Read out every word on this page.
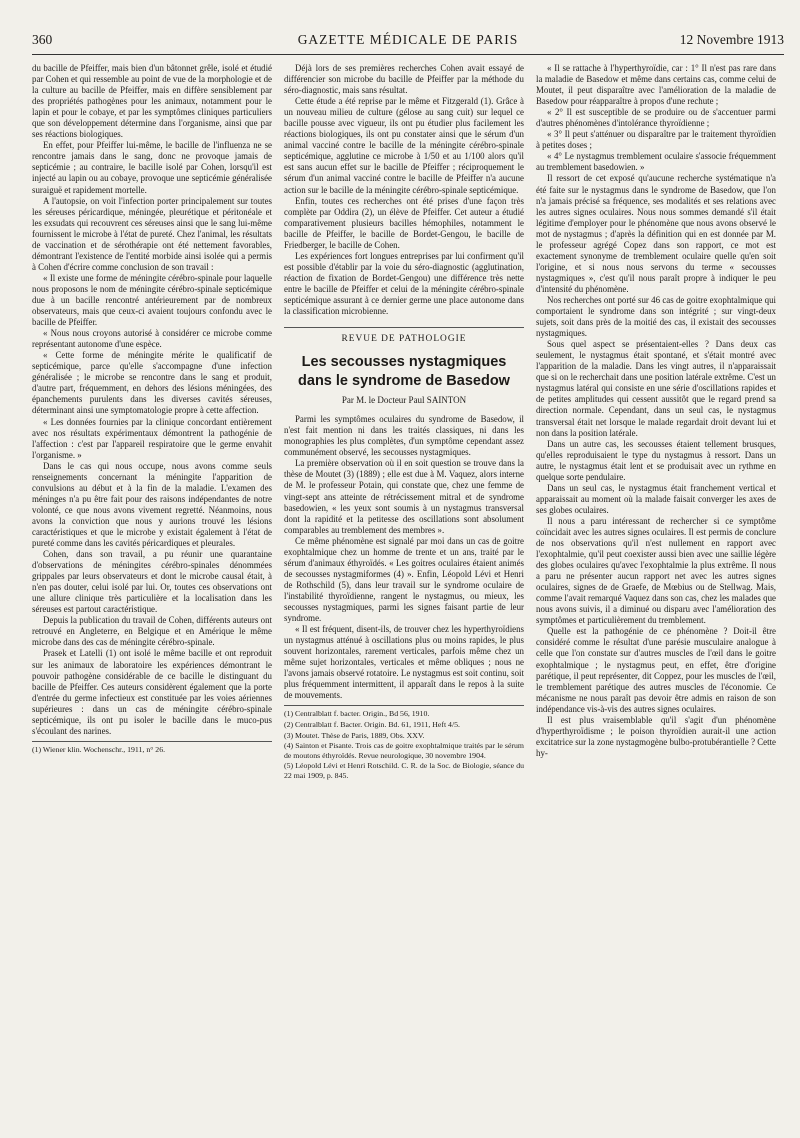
360	GAZETTE MÉDICALE DE PARIS	12 Novembre 1913

du bacille de Pfeiffer, mais bien d'un bâtonnet grêle, isolé et étudié par Cohen et qui ressemble au point de vue de la morphologie et de la culture au bacille de Pfeiffer, mais en diffère sensiblement par des propriétés pathogènes pour les animaux, notamment pour le lapin et pour le cobaye, et par les symptômes cliniques particuliers que son développement détermine dans l'organisme, ainsi que par ses réactions biologiques.

En effet, pour Pfeiffer lui-même, le bacille de l'influenza ne se rencontre jamais dans le sang, donc ne provoque jamais de septicémie ; au contraire, le bacille isolé par Cohen, lorsqu'il est injecté au lapin ou au cobaye, provoque une septicémie généralisée suraiguë et rapidement mortelle.

A l'autopsie, on voit l'infection porter principalement sur toutes les séreuses péricardique, méningée, pleurétique et péritonéale et les exsudats qui recouvrent ces séreuses ainsi que le sang lui-même fournissent le microbe à l'état de pureté. Chez l'animal, les résultats de vaccination et de sérothérapie ont été nettement favorables, démontrant l'existence de l'entité morbide ainsi isolée qui a permis à Cohen d'écrire comme conclusion de son travail :

« Il existe une forme de méningite cérébro-spinale pour laquelle nous proposons le nom de méningite cérébro-spinale septicémique due à un bacille rencontré antérieurement par de nombreux observateurs, mais que ceux-ci avaient toujours confondu avec le bacille de Pfeiffer.

« Nous nous croyons autorisé à considérer ce microbe comme représentant autonome d'une espèce.

« Cette forme de méningite mérite le qualificatif de septicémique, parce qu'elle s'accompagne d'une infection généralisée ; le microbe se rencontre dans le sang et produit, d'autre part, fréquemment, en dehors des lésions méningées, des épanchements purulents dans les diverses cavités séreuses, déterminant ainsi une symptomatologie propre à cette affection.

« Les données fournies par la clinique concordant entièrement avec nos résultats expérimentaux démontrent la pathogénie de l'affection : c'est par l'appareil respiratoire que le germe envahit l'organisme. »

Dans le cas qui nous occupe, nous avons comme seuls renseignements concernant la méningite l'apparition de convulsions au début et à la fin de la maladie. L'examen des méninges n'a pu être fait pour des raisons indépendantes de notre volonté, ce que nous avons vivement regretté. Néanmoins, nous avons la conviction que nous y aurions trouvé les lésions caractéristiques et que le microbe y existait également à l'état de pureté comme dans les cavités péricardiques et pleurales.

Cohen, dans son travail, a pu réunir une quarantaine d'observations de méningites cérébro-spinales dénommées grippales par leurs observateurs et dont le microbe causal était, à n'en pas douter, celui isolé par lui. Or, toutes ces observations ont une allure clinique très particulière et la localisation dans les séreuses est partout caractéristique.

Depuis la publication du travail de Cohen, différents auteurs ont retrouvé en Angleterre, en Belgique et en Amérique le même microbe dans des cas de méningite cérébro-spinale.

Prasek et Latelli (1) ont isolé le même bacille et ont reproduit sur les animaux de laboratoire les expériences démontrant le pouvoir pathogène considérable de ce bacille le distinguant du bacille de Pfeiffer. Ces auteurs considèrent également que la porte d'entrée du germe infectieux est constituée par les voies aériennes supérieures : dans un cas de méningite cérébro-spinale septicémique, ils ont pu isoler le bacille dans le muco-pus s'écoulant des narines.

(1) Wiener klin. Wochenschr., 1911, n° 26.

Déjà lors de ses premières recherches Cohen avait essayé de différencier son microbe du bacille de Pfeiffer par la méthode du séro-diagnostic, mais sans résultat.

Cette étude a été reprise par le même et Fitzgerald (1). Grâce à un nouveau milieu de culture (gélose au sang cuit) sur lequel ce bacille pousse avec vigueur, ils ont pu étudier plus facilement les réactions biologiques, ils ont pu constater ainsi que le sérum d'un animal vacciné contre le bacille de la méningite cérébro-spinale septicémique, agglutine ce microbe à 1/50 et au 1/100 alors qu'il est sans aucun effet sur le bacille de Pfeiffer ; réciproquement le sérum d'un animal vacciné contre le bacille de Pfeiffer n'a aucune action sur le bacille de la méningite cérébro-spinale septicémique.

Enfin, toutes ces recherches ont été prises d'une façon très complète par Oddira (2), un élève de Pfeiffer. Cet auteur a étudié comparativement plusieurs bacilles hémophiles, notamment le bacille de Pfeiffer, le bacille de Bordet-Gengou, le bacille de Friedberger, le bacille de Cohen.

Les expériences fort longues entreprises par lui confirment qu'il est possible d'établir par la voie du séro-diagnostic (agglutination, réaction de fixation de Bordet-Gengou) une différence très nette entre le bacille de Pfeiffer et celui de la méningite cérébro-spinale septicémique assurant à ce dernier germe une place autonome dans la classification microbienne.

REVUE DE PATHOLOGIE
Les secousses nystagmiques dans le syndrome de Basedow
Par M. le Docteur Paul SAINTON

Parmi les symptômes oculaires du syndrome de Basedow, il n'est fait mention ni dans les traités classiques, ni dans les monographies les plus complètes, d'un symptôme cependant assez communément observé, les secousses nystagmiques.

La première observation où il en soit question se trouve dans la thèse de Moutet (3) (1889) ; elle est due à M. Vaquez, alors interne de M. le professeur Potain, qui constate que, chez une femme de vingt-sept ans atteinte de rétrécissement mitral et de syndrome basedowien, « les yeux sont soumis à un nystagmus transversal dont la rapidité et la petitesse des oscillations sont absolument comparables au tremblement des membres ».

Ce même phénomène est signalé par moi dans un cas de goitre exophtalmique chez un homme de trente et un ans, traité par le sérum d'animaux éthyroïdés. « Les goitres oculaires étaient animés de secousses nystagmiformes (4) ». Enfin, Léopold Lévi et Henri de Rothschild (5), dans leur travail sur le syndrome oculaire de l'instabilité thyroïdienne, rangent le nystagmus, ou mieux, les secousses nystagmiques, parmi les signes faisant partie de leur syndrome.

« Il est fréquent, disent-ils, de trouver chez les hyperthyroïdiens un nystagmus atténué à oscillations plus ou moins rapides, le plus souvent horizontales, rarement verticales, parfois même chez un même sujet horizontales, verticales et même obliques ; nous ne l'avons jamais observé rotatoire. Le nystagmus est soit continu, soit plus fréquemment intermittent, il apparaît dans le repos à la suite de mouvements.

(1) Centralblatt f. bacter. Origin., Bd 56, 1910.
(2) Centralblatt f. Bacter. Origin. Bd. 61, 1911, Heft 4/5.
(3) Moutet. Thèse de Paris, 1889, Obs. XXV.
(4) Sainton et Pisante. Trois cas de goitre exophtalmique traités par le sérum de moutons éthyroïdés. Revue neurologique, 30 novembre 1904.
(5) Léopold Lévi et Henri Rotschild. C. R. de la Soc. de Biologie, séance du 22 mai 1909, p. 845.

« Il se rattache à l'hyperthyroïdie, car : 1° Il n'est pas rare dans la maladie de Basedow et même dans certains cas, comme celui de Moutet, il peut disparaître avec l'amélioration de la maladie de Basedow pour réapparaître à propos d'une rechute ;

« 2° Il est susceptible de se produire ou de s'accentuer parmi d'autres phénomènes d'intolérance thyroïdienne ;

« 3° Il peut s'atténuer ou disparaître par le traitement thyroïdien à petites doses ;

« 4° Le nystagmus tremblement oculaire s'associe fréquemment au tremblement basedowien. »

Il ressort de cet exposé qu'aucune recherche systématique n'a été faite sur le nystagmus dans le syndrome de Basedow, que l'on n'a jamais précisé sa fréquence, ses modalités et ses relations avec les autres signes oculaires. Nous nous sommes demandé s'il était légitime d'employer pour le phénomène que nous avons observé le mot de nystagmus ; d'après la définition qui en est donnée par M. le professeur agrégé Copez dans son rapport, ce mot est exactement synonyme de tremblement oculaire quelle qu'en soit l'origine, et si nous nous servons du terme « secousses nystagmiques », c'est qu'il nous paraît propre à indiquer le peu d'intensité du phénomène.

Nos recherches ont porté sur 46 cas de goitre exophtalmique qui comportaient le syndrome dans son intégrité ; sur vingt-deux sujets, soit dans près de la moitié des cas, il existait des secousses nystagmiques.

Sous quel aspect se présentaient-elles ? Dans deux cas seulement, le nystagmus était spontané, et s'était montré avec l'apparition de la maladie. Dans les vingt autres, il n'apparaissait que si on le recherchait dans une position latérale extrême. C'est un nystagmus latéral qui consiste en une série d'oscillations rapides et de petites amplitudes qui cessent aussitôt que le regard prend sa direction normale. Cependant, dans un seul cas, le nystagmus transversal était net lorsque le malade regardait droit devant lui et non dans la position latérale.

Dans un autre cas, les secousses étaient tellement brusques, qu'elles reproduisaient le type du nystagmus à ressort. Dans un autre, le nystagmus était lent et se produisait avec un rythme en quelque sorte pendulaire.

Dans un seul cas, le nystagmus était franchement vertical et apparaissait au moment où la malade faisait converger les axes de ses globes oculaires.

Il nous a paru intéressant de rechercher si ce symptôme coïncidait avec les autres signes oculaires. Il est permis de conclure de nos observations qu'il n'est nullement en rapport avec l'exophtalmie, qu'il peut coexister aussi bien avec une saillie légère des globes oculaires qu'avec l'exophtalmie la plus extrême. Il nous a paru ne présenter aucun rapport net avec les autres signes oculaires, signes de de Graefe, de Mœbius ou de Stellwag. Mais, comme l'avait remarqué Vaquez dans son cas, chez les malades que nous avons suivis, il a diminué ou disparu avec l'amélioration des symptômes et particulièrement du tremblement.

Quelle est la pathogénie de ce phénomène ? Doit-il être considéré comme le résultat d'une parésie musculaire analogue à celle que l'on constate sur d'autres muscles de l'œil dans le goitre exophtalmique ; le nystagmus peut, en effet, être d'origine parétique, il peut représenter, dit Coppez, pour les muscles de l'œil, le tremblement parétique des autres muscles de l'économie. Ce mécanisme ne nous paraît pas devoir être admis en raison de son indépendance vis-à-vis des autres signes oculaires.

Il est plus vraisemblable qu'il s'agit d'un phénomène d'hyperthyroïdisme ; le poison thyroïdien aurait-il une action excitatrice sur la zone nystagmogène bulbo-protubérantielle ? Cette hy-
